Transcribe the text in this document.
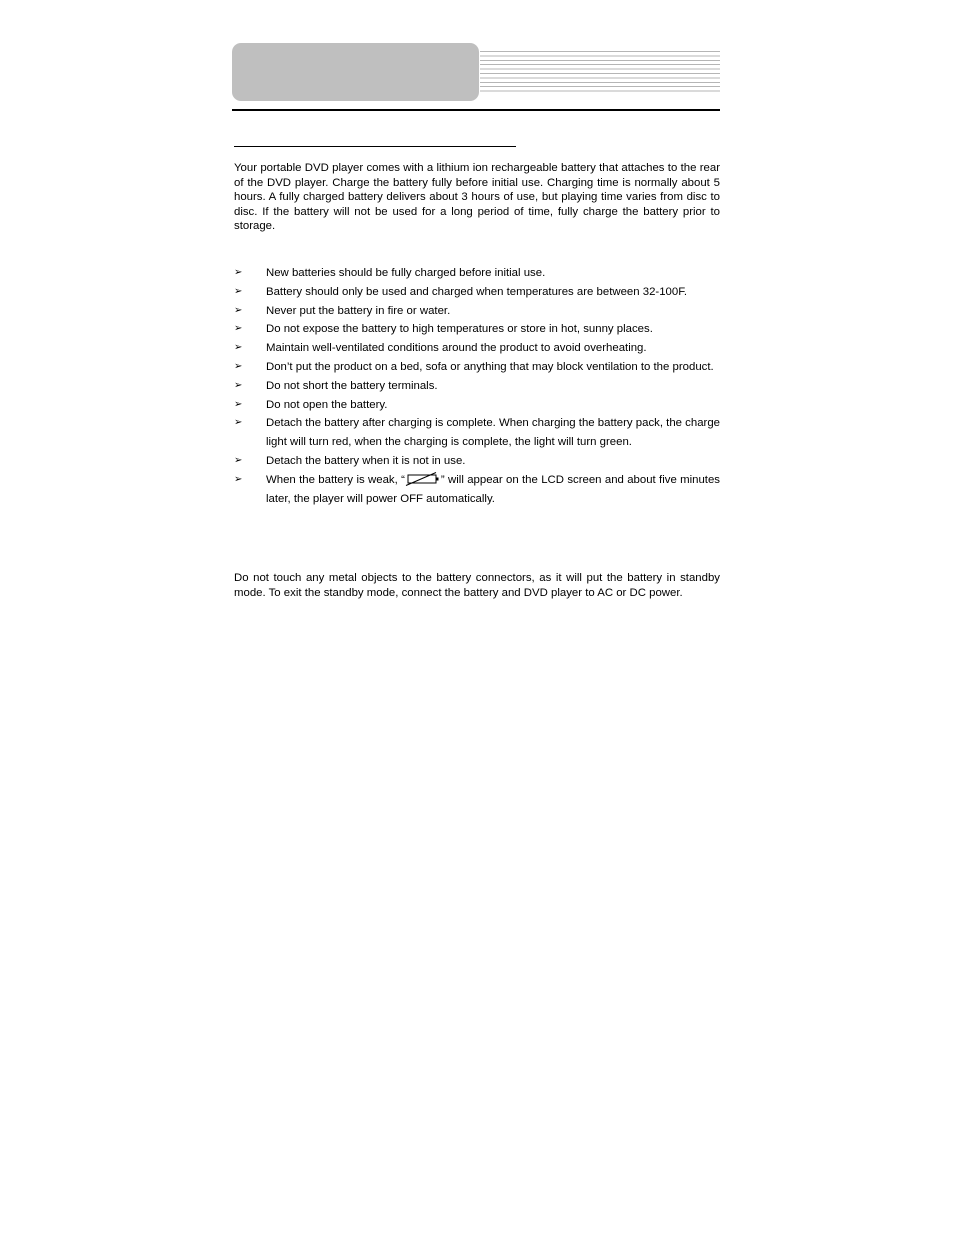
Your portable DVD player comes with a lithium ion rechargeable battery that attaches to the rear of the DVD player. Charge the battery fully before initial use. Charging time is normally about 5 hours. A fully charged battery delivers about 3 hours of use, but playing time varies from disc to disc. If the battery will not be used for a long period of time, fully charge the battery prior to storage.

➢ New batteries should be fully charged before initial use.
➢ Battery should only be used and charged when temperatures are between 32-100F.
➢ Never put the battery in fire or water.
➢ Do not expose the battery to high temperatures or store in hot, sunny places.
➢ Maintain well-ventilated conditions around the product to avoid overheating.
➢ Don’t put the product on a bed, sofa or anything that may block ventilation to the product.
➢ Do not short the battery terminals.
➢ Do not open the battery.
➢ Detach the battery after charging is complete. When charging the battery pack, the charge light will turn red, when the charging is complete, the light will turn green.
➢ Detach the battery when it is not in use.
➢ When the battery is weak, “	” will appear on the LCD screen and about five minutes later, the player will power OFF automatically.

Do not touch any metal objects to the battery connectors, as it will put the battery in standby mode. To exit the standby mode, connect the battery and DVD player to AC or DC power.
